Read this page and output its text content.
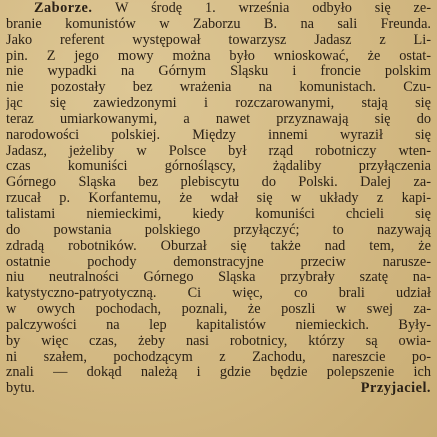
Zaborze. W środę 1. września odbyło się ze-
branie komunistów w Zaborzu B. na sali Freunda.
Jako referent występował towarzysz Jadasz z Li-
pin. Z jego mowy można było wnioskować, że ostat-
nie wypadki na Górnym Śląsku i froncie polskim
nie pozostały bez wrażenia na komunistach. Czu-
jąc się zawiedzonymi i rozczarowanymi, stają się
teraz umiarkowanymi, a nawet przyznawają się do
narodowości polskiej. Między innemi wyraził się
Jadasz, jeżeliby w Polsce był rząd robotniczy wten-
czas komuniści górnośląscy, żądaliby przyłączenia
Górnego Śląska bez plebiscytu do Polski. Dalej za-
rzucał p. Korfantemu, że wdał się w układy z kapi-
talistami niemieckimi, kiedy komuniści chcieli się
do powstania polskiego przyłączyć; to nazywają
zdradą robotników. Oburzał się także nad tem, że
ostatnie pochody demonstracyjne przeciw narusze-
niu neutralności Górnego Śląska przybrały szatę na-
katystyczno-patryotyczną. Ci więc, co brali udział
w owych pochodach, poznali, że poszli w swej za-
palczywości na lep kapitalistów niemieckich. Były-
by więc czas, żeby nasi robotnicy, którzy są owia-
ni szałem, pochodzącym z Zachodu, nareszcie po-
znali — dokąd należą i gdzie będzie polepszenie ich
bytu.	Przyjaciel.
